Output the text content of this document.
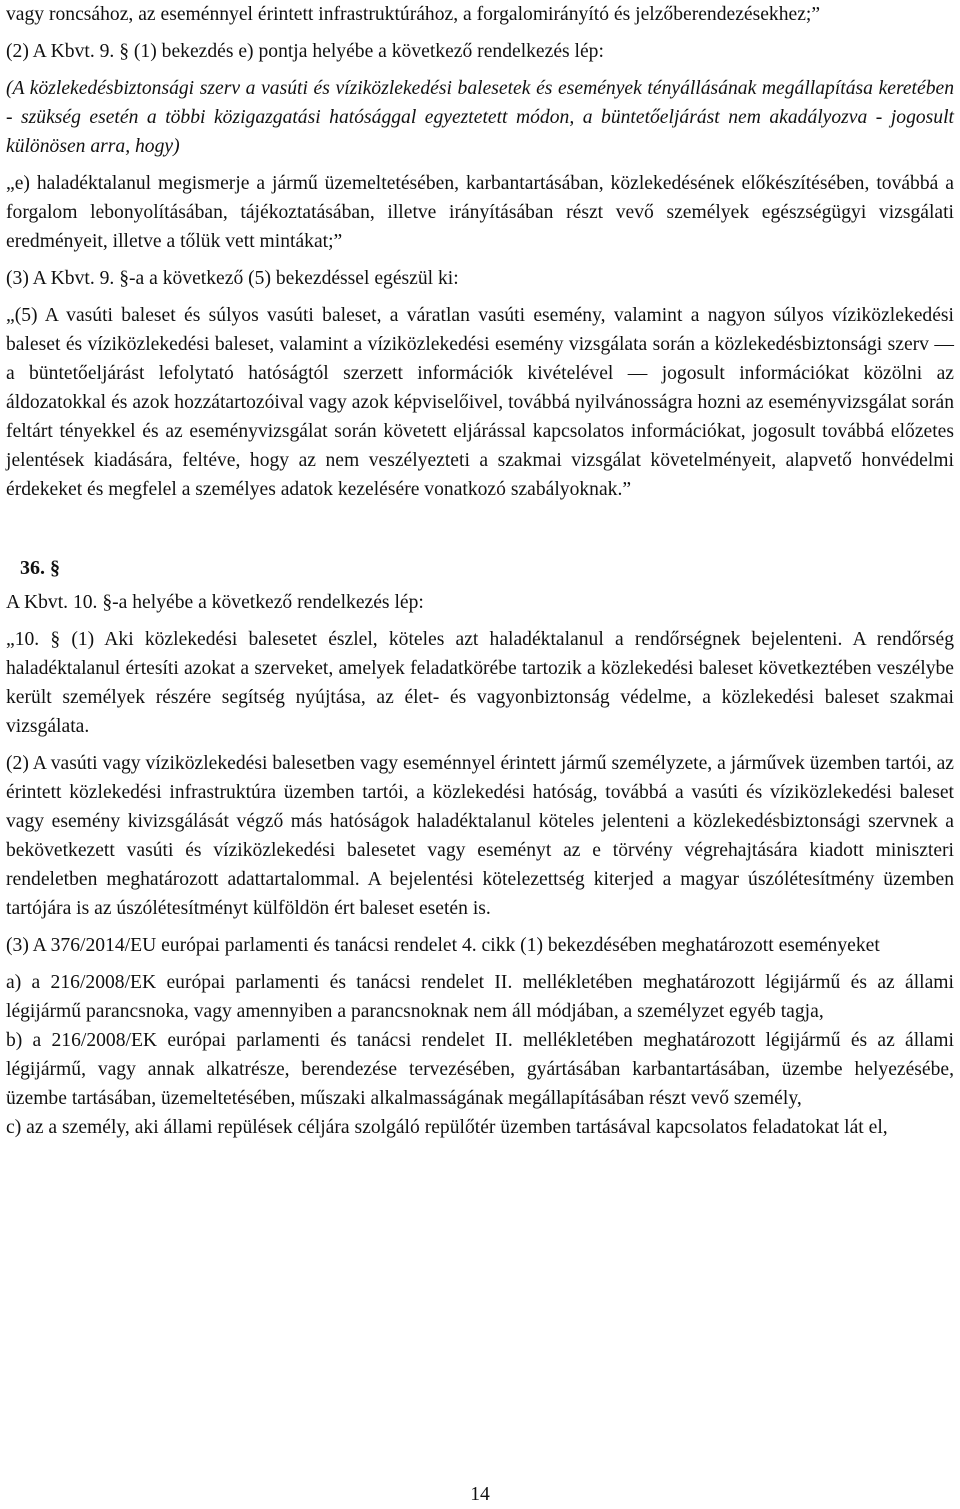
vagy roncsához, az eseménnyel érintett infrastruktúrához, a forgalomirányító és jelzőberendezésekhez;”

(2) A Kbvt. 9. § (1) bekezdés e) pontja helyébe a következő rendelkezés lép:

(A közlekedésbiztonsági szerv a vasúti és víziközlekedési balesetek és események tényállásának megállapítása keretében - szükség esetén a többi közigazgatási hatósággal egyeztetett módon, a büntetőeljárást nem akadályozva - jogosult különösen arra, hogy)

„e) haladéktalanul megismerje a jármű üzemeltetésében, karbantartásában, közlekedésének előkészítésében, továbbá a forgalom lebonyolításában, tájékoztatásában, illetve irányításában részt vevő személyek egészségügyi vizsgálati eredményeit, illetve a tőlük vett mintákat;”

(3) A Kbvt. 9. §-a a következő (5) bekezdéssel egészül ki:

„(5) A vasúti baleset és súlyos vasúti baleset, a váratlan vasúti esemény, valamint a nagyon súlyos víziközlekedési baleset és víziközlekedési baleset, valamint a víziközlekedési esemény vizsgálata során a közlekedésbiztonsági szerv — a büntetőeljárást lefolytató hatóságtól szerzett információk kivételével — jogosult információkat közölni az áldozatokkal és azok hozzátartozóival vagy azok képviselőivel, továbbá nyilvánosságra hozni az eseményvizsgálat során feltárt tényekkel és az eseményvizsgálat során követett eljárással kapcsolatos információkat, jogosult továbbá előzetes jelentések kiadására, feltéve, hogy az nem veszélyezteti a szakmai vizsgálat követelményeit, alapvető honvédelmi érdekeket és megfelel a személyes adatok kezelésére vonatkozó szabályoknak.”

36. §

A Kbvt. 10. §-a helyébe a következő rendelkezés lép:

„10. § (1) Aki közlekedési balesetet észlel, köteles azt haladéktalanul a rendőrségnek bejelenteni. A rendőrség haladéktalanul értesíti azokat a szerveket, amelyek feladatkörébe tartozik a közlekedési baleset következtében veszélybe került személyek részére segítség nyújtása, az élet- és vagyonbiztonság védelme, a közlekedési baleset szakmai vizsgálata.

(2) A vasúti vagy víziközlekedési balesetben vagy eseménnyel érintett jármű személyzete, a járművek üzemben tartói, az érintett közlekedési infrastruktúra üzemben tartói, a közlekedési hatóság, továbbá a vasúti és víziközlekedési baleset vagy esemény kivizsgálását végző más hatóságok haladéktalanul köteles jelenteni a közlekedésbiztonsági szervnek a bekövetkezett vasúti és víziközlekedési balesetet vagy eseményt az e törvény végrehajtására kiadott miniszteri rendeletben meghatározott adattartalommal. A bejelentési kötelezettség kiterjed a magyar úszólétesítmény üzemben tartójára is az úszólétesítményt külföldön ért baleset esetén is.

(3) A 376/2014/EU európai parlamenti és tanácsi rendelet 4. cikk (1) bekezdésében meghatározott eseményeket

a) a 216/2008/EK európai parlamenti és tanácsi rendelet II. mellékletében meghatározott légijármű és az állami légijármű parancsnoka, vagy amennyiben a parancsnoknak nem áll módjában, a személyzet egyéb tagja,

b) a 216/2008/EK európai parlamenti és tanácsi rendelet II. mellékletében meghatározott légijármű és az állami légijármű, vagy annak alkatrésze, berendezése tervezésében, gyártásában karbantartásában, üzembe helyezésébe, üzembe tartásában, üzemeltetésében, műszaki alkalmasságának megállapításában részt vevő személy,

c) az a személy, aki állami repülések céljára szolgáló repülőtér üzemben tartásával kapcsolatos feladatokat lát el,

14
